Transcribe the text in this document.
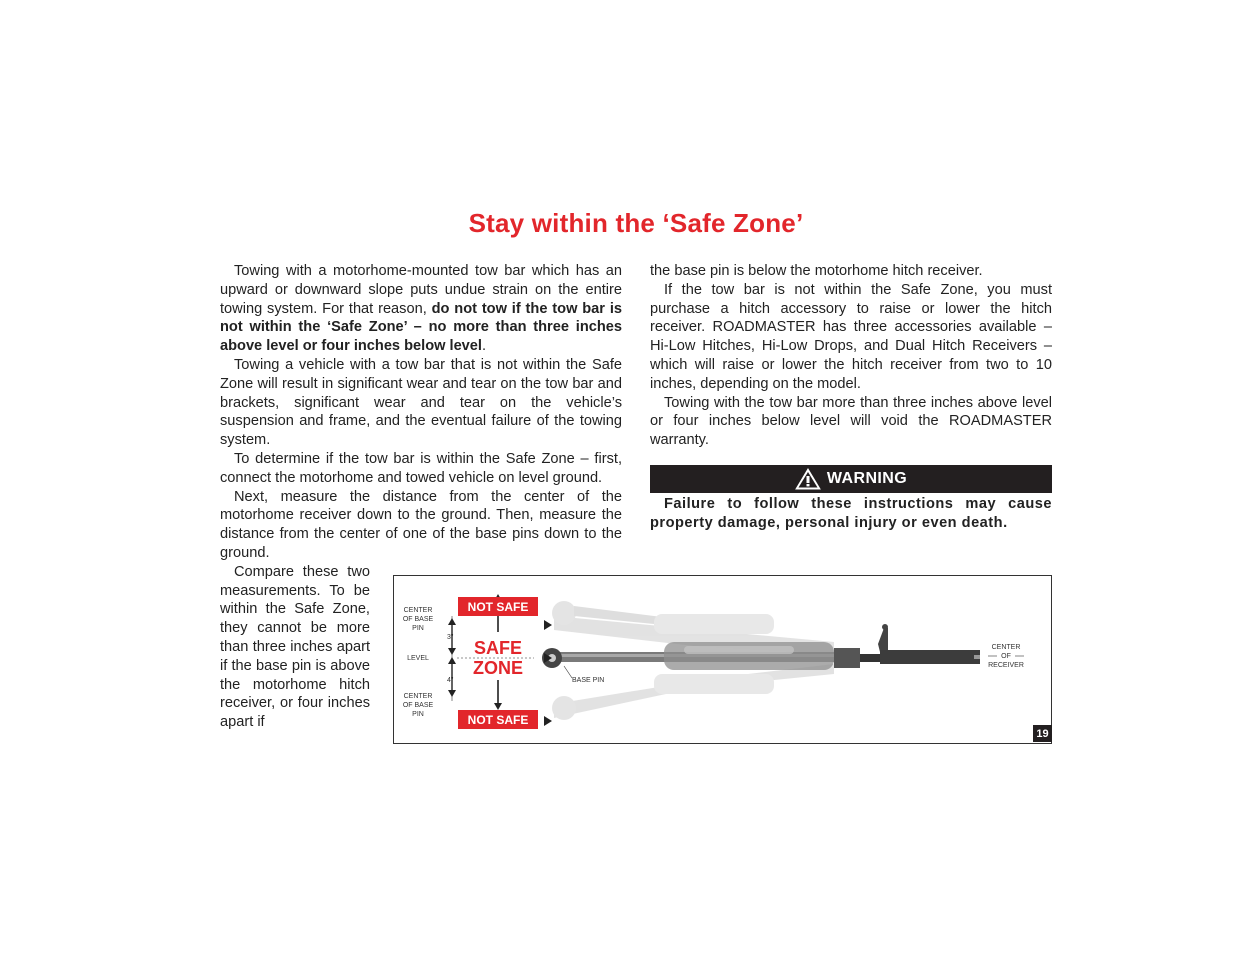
Stay within the ‘Safe Zone’

Towing with a motorhome-mounted tow bar which has an upward or downward slope puts undue strain on the entire towing system. For that reason, do not tow if the tow bar is not within the ‘Safe Zone’ – no more than three inches above level or four inches below level.

Towing a vehicle with a tow bar that is not within the Safe Zone will result in significant wear and tear on the tow bar and brackets, significant wear and tear on the vehicle’s suspension and frame, and the eventual failure of the towing system.

To determine if the tow bar is within the Safe Zone – first, connect the motorhome and towed vehicle on level ground.

Next, measure the distance from the center of the motorhome receiver down to the ground. Then, measure the distance from the center of one of the base pins down to the ground.

Compare these two measurements. To be within the Safe Zone, they cannot be more than three inches apart if the base pin is above the motorhome hitch receiver, or four inches apart if

the base pin is below the motorhome hitch receiver.

If the tow bar is not within the Safe Zone, you must purchase a hitch accessory to raise or lower the hitch receiver. ROADMASTER has three accessories available – Hi-Low Hitches, Hi-Low Drops, and Dual Hitch Receivers – which will raise or lower the hitch receiver from two to 10 inches, depending on the model.

Towing with the tow bar more than three inches above level or four inches below level will void the ROADMASTER warranty.

WARNING

Failure to follow these instructions may cause property damage, personal injury or even death.

NOT SAFE
NOT SAFE
SAFE
ZONE
CENTER
OF BASE
PIN
LEVEL
CENTER
OF BASE
PIN
3"
4"	BASE PIN
CENTER
OF
RECEIVER
19
